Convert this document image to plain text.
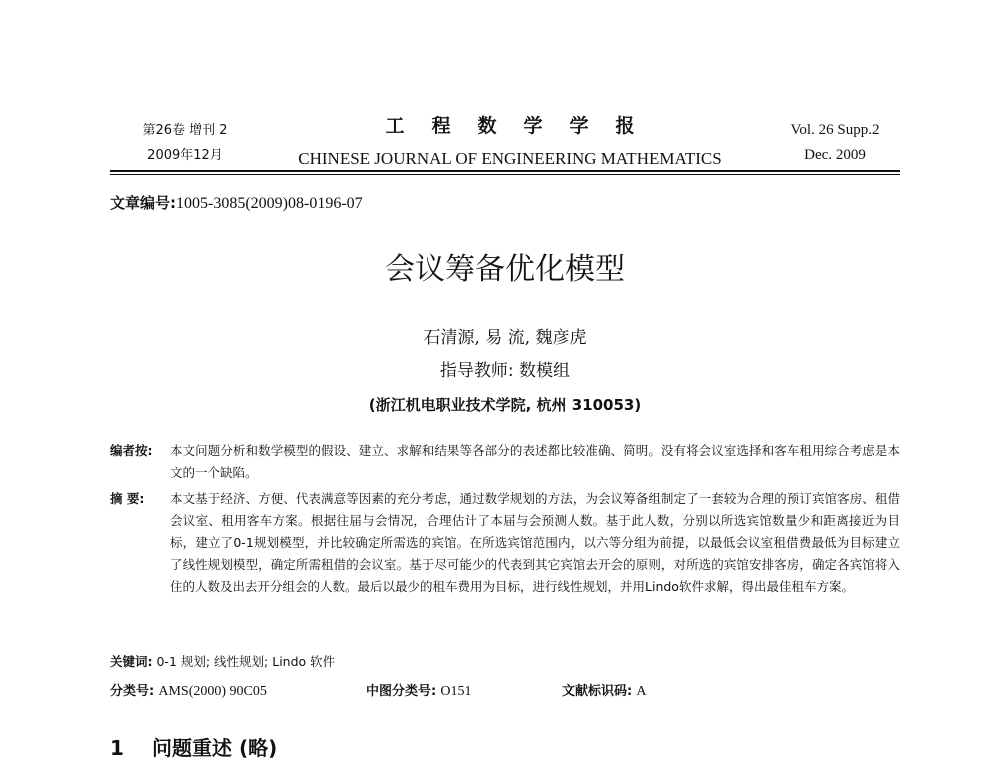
第26卷 增刊 2
2009年12月
工程数学学报
CHINESE JOURNAL OF ENGINEERING MATHEMATICS
Vol. 26 Supp.2
Dec. 2009
文章编号:1005-3085(2009)08-0196-07
会议筹备优化模型
石清源, 易 流, 魏彦虎
指导教师: 数模组
(浙江机电职业技术学院, 杭州 310053)
编者按: 本文问题分析和数学模型的假设、建立、求解和结果等各部分的表述都比较准确、简明。没有将会议室选择和客车租用综合考虑是本文的一个缺陷。
摘 要: 本文基于经济、方便、代表满意等因素的充分考虑，通过数学规划的方法，为会议筹备组制定了一套较为合理的预订宾馆客房、租借会议室、租用客车方案。根据往届与会情况，合理估计了本届与会预测人数。基于此人数，分别以所选宾馆数量少和距离接近为目标，建立了0-1规划模型，并比较确定所需选的宾馆。在所选宾馆范围内，以六等分组为前提，以最低会议室租借费最低为目标建立了线性规划模型，确定所需租借的会议室。基于尽可能少的代表到其它宾馆去开会的原则，对所选的宾馆安排客房，确定各宾馆将入住的人数及出去开分组会的人数。最后以最少的租车费用为目标，进行线性规划，并用Lindo软件求解，得出最佳租车方案。
关键词: 0-1 规划; 线性规划; Lindo 软件
分类号: AMS(2000) 90C05	中图分类号: O151	文献标识码: A
1 问题重述 (略)
